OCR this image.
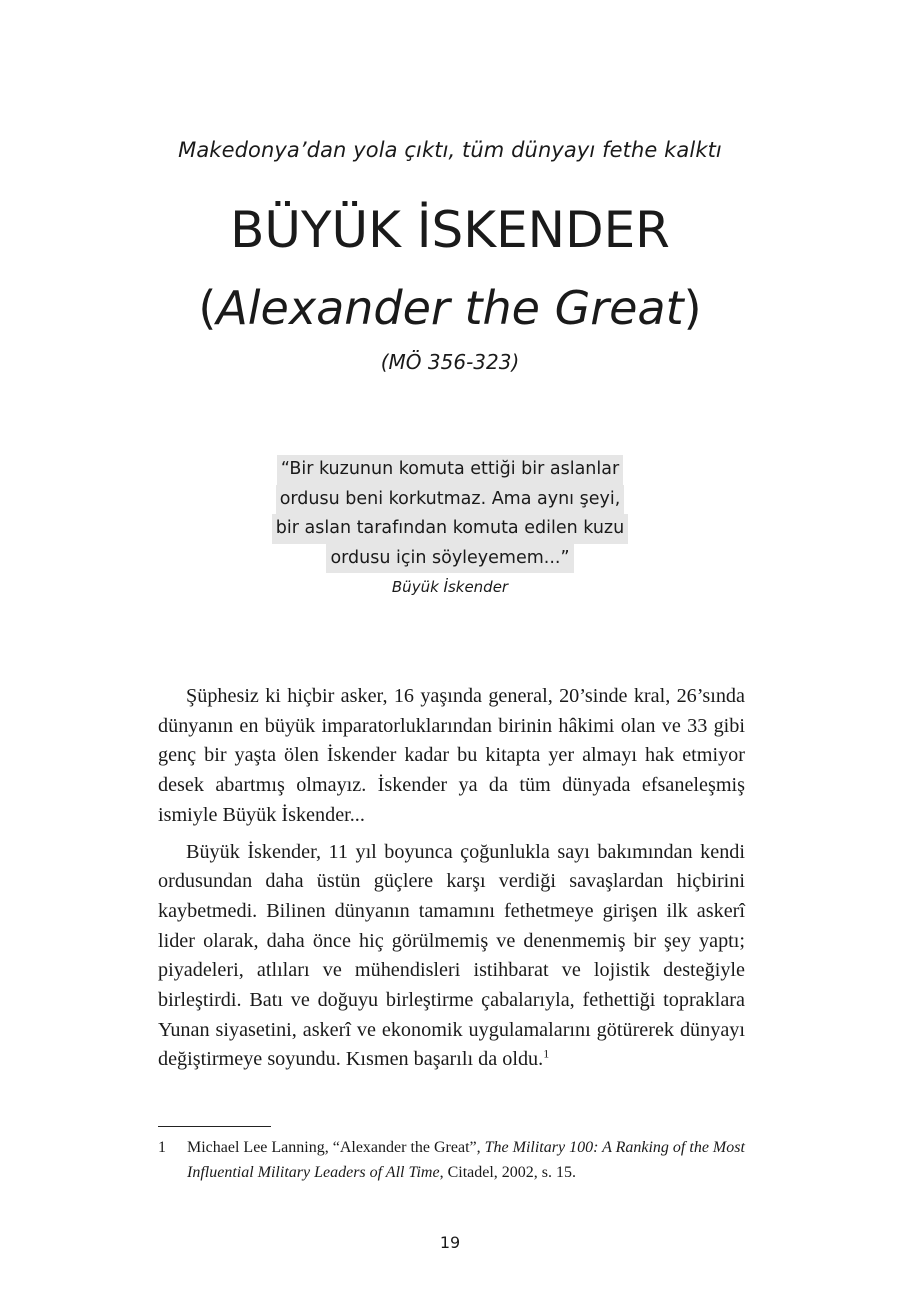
Makedonya’dan yola çıktı, tüm dünyayı fethe kalktı
BÜYÜK İSKENDER
(Alexander the Great)
(MÖ 356-323)
“Bir kuzunun komuta ettiği bir aslanlar
ordusu beni korkutmaz. Ama aynı şeyi,
bir aslan tarafından komuta edilen kuzu
ordusu için söyleyemem...”
Büyük İskender

Şüphesiz ki hiçbir asker, 16 yaşında general, 20’sinde kral, 26’sında dünyanın en büyük imparatorluklarından birinin hâkimi olan ve 33 gibi genç bir yaşta ölen İskender kadar bu kitapta yer almayı hak etmiyor desek abartmış olmayız. İskender ya da tüm dünyada efsaneleşmiş ismiyle Büyük İskender...

Büyük İskender, 11 yıl boyunca çoğunlukla sayı bakımından kendi ordusundan daha üstün güçlere karşı verdiği savaşlardan hiçbirini kaybetmedi. Bilinen dünyanın tamamını fethetmeye girişen ilk askerî lider olarak, daha önce hiç görülmemiş ve denenmemiş bir şey yaptı; piyadeleri, atlıları ve mühendisleri istihbarat ve lojistik desteğiyle birleştirdi. Batı ve doğuyu birleştirme çabalarıyla, fethettiği topraklara Yunan siyasetini, askerî ve ekonomik uygulamalarını götürerek dünyayı değiştirmeye soyundu. Kısmen başarılı da oldu.$^1$

1 Michael Lee Lanning, “Alexander the Great”, The Military 100: A Ranking of the Most Influential Military Leaders of All Time, Citadel, 2002, s. 15.
19
